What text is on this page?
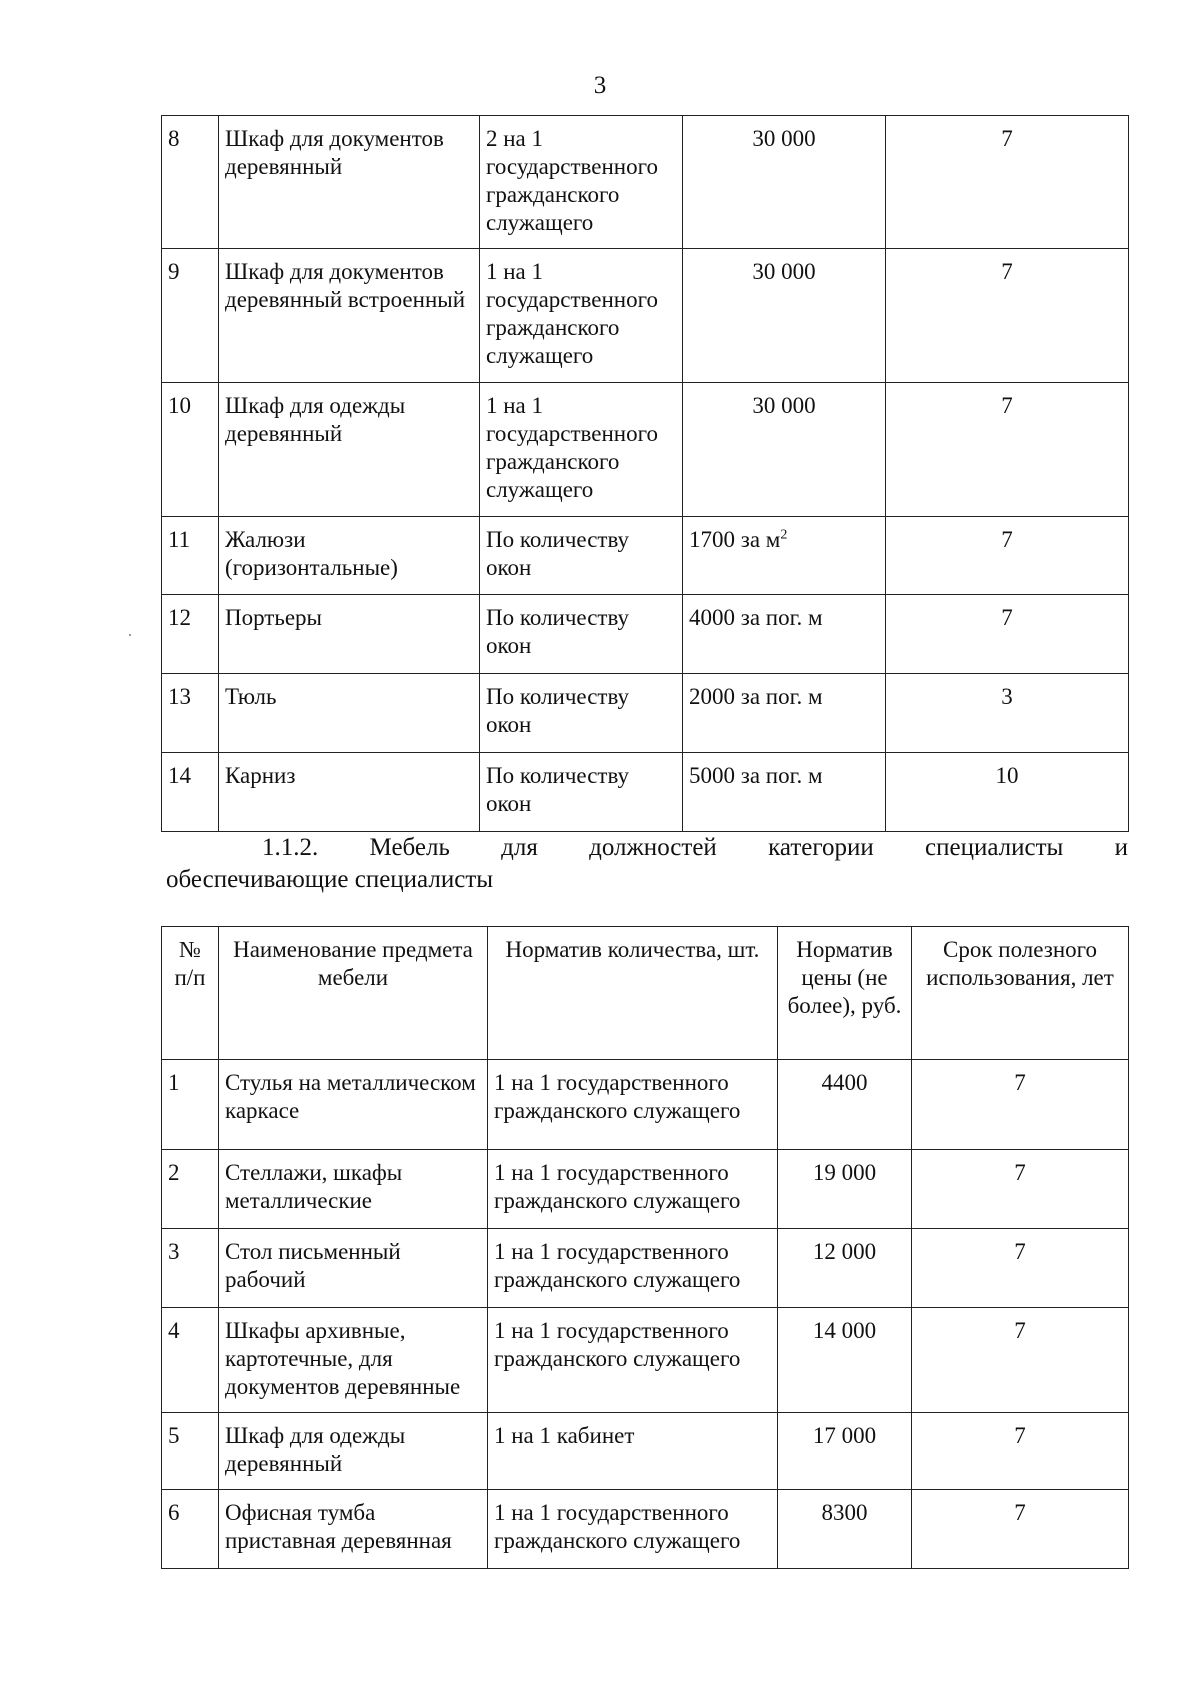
3
8	Шкаф для документов деревянный	2 на 1 государственного гражданского служащего	30 000	7
9	Шкаф для документов деревянный встроенный	1 на 1 государственного гражданского служащего	30 000	7
10	Шкаф для одежды деревянный	1 на 1 государственного гражданского служащего	30 000	7
11	Жалюзи (горизонтальные)	По количеству окон	1700 за $м^2$	7
12	Портьеры	По количеству окон	4000 за пог. м	7
13	Тюль	По количеству окон	2000 за пог. м	3
14	Карниз	По количеству окон	5000 за пог. м	10
1.1.2. Мебель для должностей категории специалисты и
обеспечивающие специалисты
№ п/п	Наименование предмета мебели	Норматив количества, шт.	Норматив цены (не более), руб.	Срок полезного использования, лет
1	Стулья на металлическом каркасе	1 на 1 государственного гражданского служащего	4400	7
2	Стеллажи, шкафы металлические	1 на 1 государственного гражданского служащего	19 000	7
3	Стол письменный рабочий	1 на 1 государственного гражданского служащего	12 000	7
4	Шкафы архивные, картотечные, для документов деревянные	1 на 1 государственного гражданского служащего	14 000	7
5	Шкаф для одежды деревянный	1 на 1 кабинет	17 000	7
6	Офисная тумба приставная деревянная	1 на 1 государственного гражданского служащего	8300	7
